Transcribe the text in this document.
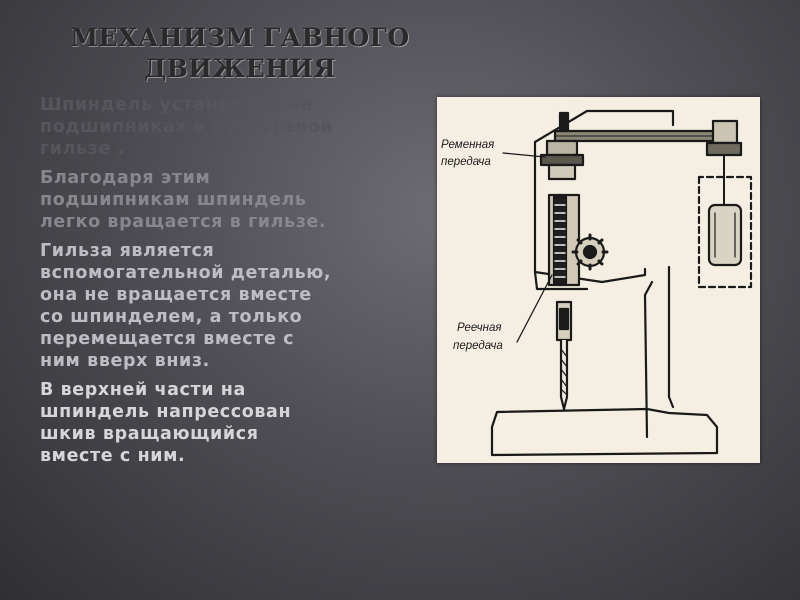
МЕХАНИЗМ ГАВНОГО
ДВИЖЕНИЯ
Шпиндель установлен на
подшипниках в пустотелой
гильзе .
Благодаря этим
подшипникам шпиндель
легко вращается в гильзе.
Гильза является
вспомогательной деталью,
она не вращается вместе
со шпинделем, а только
перемещается вместе с
ним вверх вниз.
В верхней части на
шпиндель напрессован
шкив вращающийся
вместе с ним.
Ременная
передача
Реечная
передача
